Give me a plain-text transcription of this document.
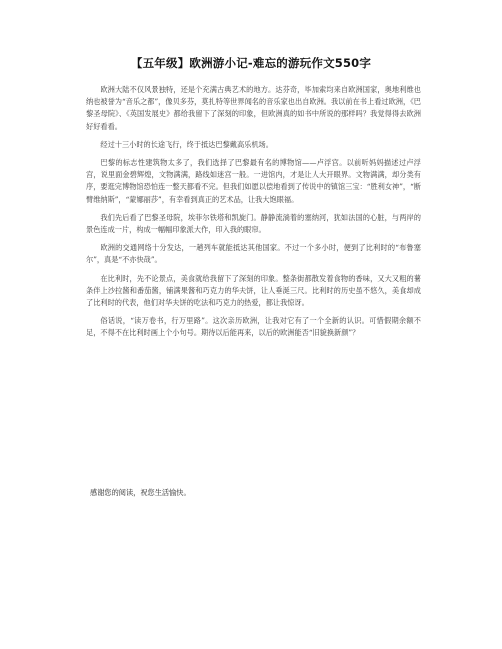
【五年级】欧洲游小记-难忘的游玩作文550字

欧洲大陆不仅风景独特，还是个充满古典艺术的地方。达芬奇，毕加索均来自欧洲国家，奥地利维也纳也被誉为“音乐之都”，像贝多芬，莫扎特等世界闻名的音乐家也出自欧洲。我以前在书上看过欧洲，《巴黎圣母院》、《英国发展史》都给我留下了深刻的印象，但欧洲真的如书中所说的那样吗？我觉得得去欧洲好好看看。

经过十三小时的长途飞行，终于抵达巴黎戴高乐机场。

巴黎的标志性建筑物太多了，我们选择了巴黎最有名的博物馆——卢浮宫。以前听妈妈描述过卢浮宫，说里面金碧辉煌，文物满满，路线如迷宫一般。一进馆内，才是让人大开眼界。文物满满，却分类有序，要逛完博物馆恐怕连一整天都看不完。但我们如愿以偿地看到了传说中的镇馆三宝：“胜利女神”，“断臂维纳斯”，“蒙娜丽莎”，有幸看到真正的艺术品，让我大饱眼福。

我们先后看了巴黎圣母院，埃菲尔铁塔和凯旋门。静静流淌着的塞纳河，犹如法国的心脏，与两岸的景色连成一片，构成一幅幅印象派大作，印入我的眼帘。

欧洲的交通网络十分发达，一趟列车就能抵达其他国家。不过一个多小时，便到了比利时的“布鲁塞尔”，真是“不亦快哉”。

在比利时，先不论景点，美食就给我留下了深刻的印象。整条街都散发着食物的香味，又大又粗的薯条伴上沙拉酱和番茄酱，铺满果酱和巧克力的华夫饼，让人垂涎三尺。比利时的历史虽不悠久，美食却成了比利时的代表，他们对华夫饼的吃法和巧克力的热爱，都让我惊讶。

俗话说，“读万卷书，行万里路”。这次亲历欧洲，让我对它有了一个全新的认识。可惜假期余额不足，不得不在比利时画上个小句号。期待以后能再来，以后的欧洲能否“旧貌换新颜”？

感谢您的阅读，祝您生活愉快。
